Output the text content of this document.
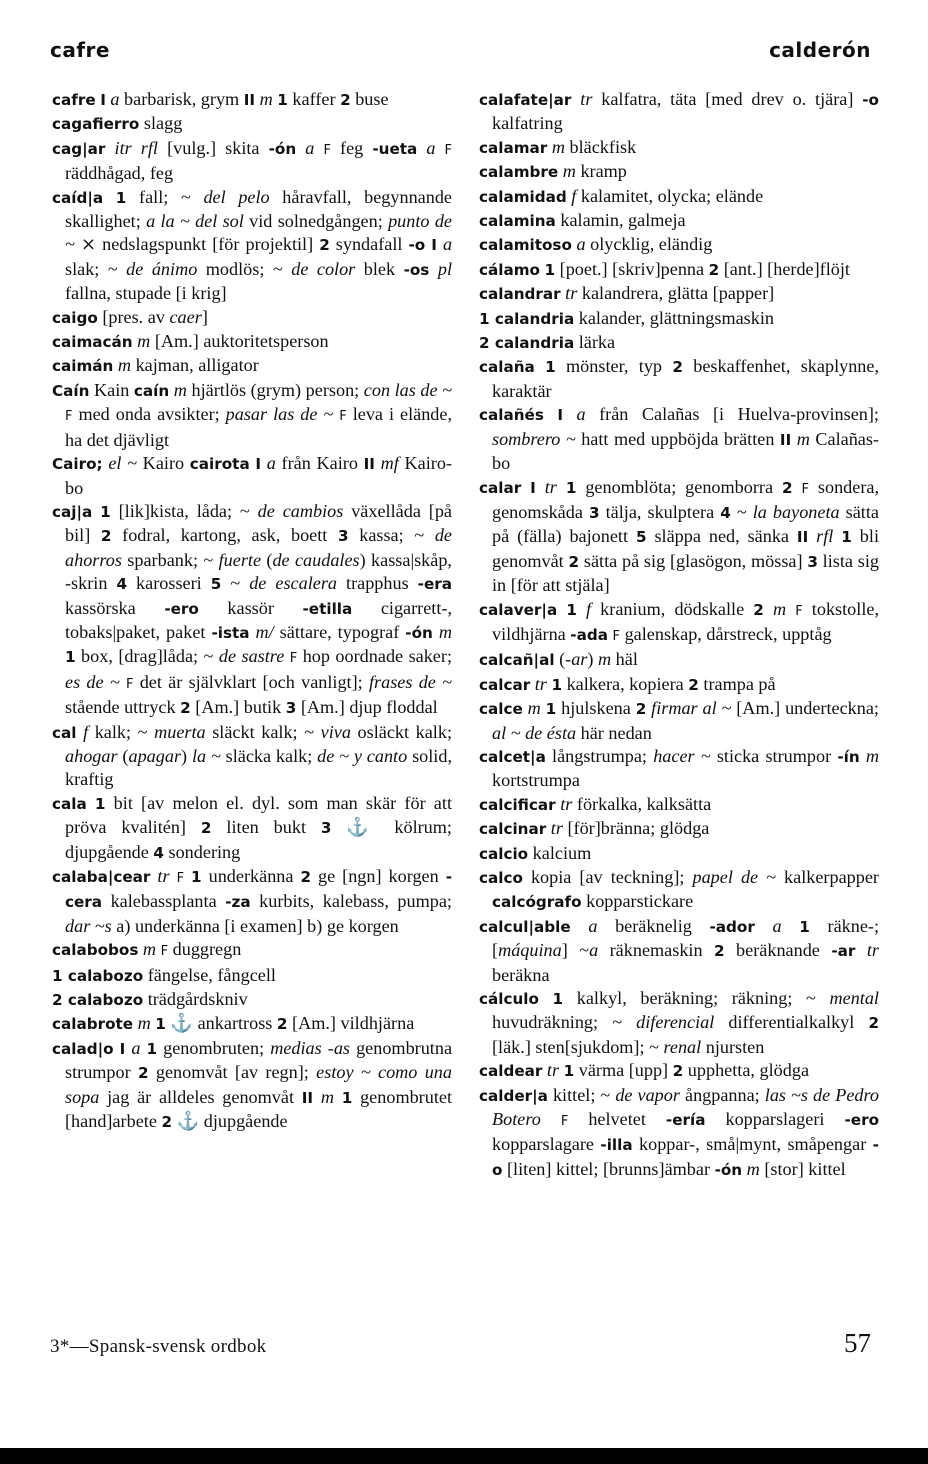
cafre	calderón
cafre I a barbarisk, grym II m 1 kaffer 2 buse
cagafierro slagg
cag|ar itr rfl [vulg.] skita -ón a F feg -ueta a F räddhågad, feg
caíd|a 1 fall; ~ del pelo håravfall, begynnande skallighet; a la ~ del sol vid solnedgången; punto de ~ ⨯ nedslagspunkt [för projektil] 2 syndafall -o I a slak; ~ de ánimo modlös; ~ de color blek -os pl fallna, stupade [i krig]
caigo [pres. av caer]
caimacán m [Am.] auktoritetsperson
caimán m kajman, alligator
Caín Kain caín m hjärtlös (grym) person; con las de ~ F med onda avsikter; pasar las de ~ F leva i elände, ha det djävligt
Cairo; el ~ Kairo cairota I a från Kairo II mf Kairo-bo
caj|a 1 [lik]kista, låda; ~ de cambios växellåda [på bil] 2 fodral, kartong, ask, boett 3 kassa; ~ de ahorros sparbank; ~ fuerte (de caudales) kassa|skåp, -skrin 4 karosseri 5 ~ de escalera trapphus -era kassörska -ero kassör -etilla cigarrett-, tobaks|paket, paket -ista m/ sättare, typograf -ón m 1 box, [drag]låda; ~ de sastre F hop oordnade saker; es de ~ F det är självklart [och vanligt]; frases de ~ stående uttryck 2 [Am.] butik 3 [Am.] djup floddal
cal f kalk; ~ muerta släckt kalk; ~ viva osläckt kalk; ahogar (apagar) la ~ släcka kalk; de ~ y canto solid, kraftig
cala 1 bit [av melon el. dyl. som man skär för att pröva kvalitén] 2 liten bukt 3 ⚓ kölrum; djupgående 4 sondering
calaba|cear tr F 1 underkänna 2 ge [ngn] korgen -cera kalebassplanta -za kurbits, kalebass, pumpa; dar ~s a) underkänna [i examen] b) ge korgen
calabobos m F duggregn
1 calabozo fängelse, fångcell
2 calabozo trädgårdskniv
calabrote m 1 ⚓ ankartross 2 [Am.] vildhjärna
calad|o I a 1 genombruten; medias -as genombrutna strumpor 2 genomvåt [av regn]; estoy ~ como una sopa jag är alldeles genomvåt II m 1 genombrutet [hand]arbete 2 ⚓ djupgående
calafate|ar tr kalfatra, täta [med drev o. tjära] -o kalfatring
calamar m bläckfisk
calambre m kramp
calamidad f kalamitet, olycka; elände
calamina kalamin, galmeja
calamitoso a olycklig, eländig
cálamo 1 [poet.] [skriv]penna 2 [ant.] [herde]flöjt
calandrar tr kalandrera, glätta [papper]
1 calandria kalander, glättningsmaskin
2 calandria lärka
calaña 1 mönster, typ 2 beskaffenhet, skaplynne, karaktär
calañés I a från Calañas [i Huelva-provinsen]; sombrero ~ hatt med uppböjda brätten II m Calañas-bo
calar I tr 1 genomblöta; genomborra 2 F sondera, genomskåda 3 tälja, skulptera 4 ~ la bayoneta sätta på (fälla) bajonett 5 släppa ned, sänka II rfl 1 bli genomvåt 2 sätta på sig [glasögon, mössa] 3 lista sig in [för att stjäla]
calaver|a 1 f kranium, dödskalle 2 m F tokstolle, vildhjärna -ada F galenskap, dårstreck, upptåg
calcañ|al (-ar) m häl
calcar tr 1 kalkera, kopiera 2 trampa på
calce m 1 hjulskena 2 firmar al ~ [Am.] underteckna; al ~ de ésta här nedan
calcet|a långstrumpa; hacer ~ sticka strumpor -ín m kortstrumpa
calcificar tr förkalka, kalksätta
calcinar tr [för]bränna; glödga
calcio kalcium
calco kopia [av teckning]; papel de ~ kalkerpapper calcógrafo kopparstickare
calcul|able a beräknelig -ador a 1 räkne-; [máquina] ~a räknemaskin 2 beräknande -ar tr beräkna
cálculo 1 kalkyl, beräkning; räkning; ~ mental huvudräkning; ~ diferencial differentialkalkyl 2 [läk.] sten[sjukdom]; ~ renal njursten
caldear tr 1 värma [upp] 2 upphetta, glödga
calder|a kittel; ~ de vapor ångpanna; las ~s de Pedro Botero F helvetet -ería kopparslageri -ero kopparslagare -illa koppar-, små|mynt, småpengar -o [liten] kittel; [brunns]ämbar -ón m [stor] kittel
3*—Spansk-svensk ordbok	57
